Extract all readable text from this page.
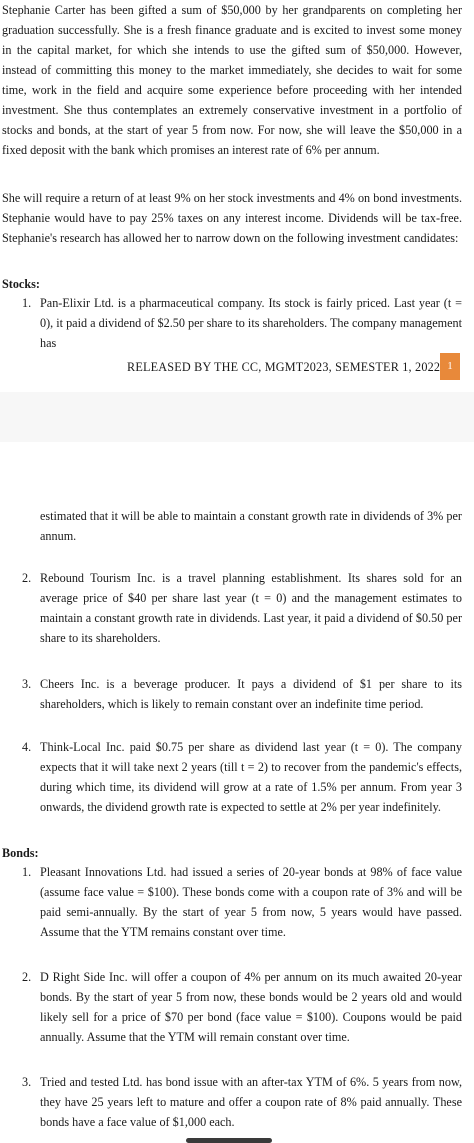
Stephanie Carter has been gifted a sum of $50,000 by her grandparents on completing her graduation successfully. She is a fresh finance graduate and is excited to invest some money in the capital market, for which she intends to use the gifted sum of $50,000. However, instead of committing this money to the market immediately, she decides to wait for some time, work in the field and acquire some experience before proceeding with her intended investment. She thus contemplates an extremely conservative investment in a portfolio of stocks and bonds, at the start of year 5 from now. For now, she will leave the $50,000 in a fixed deposit with the bank which promises an interest rate of 6% per annum.

She will require a return of at least 9% on her stock investments and 4% on bond investments. Stephanie would have to pay 25% taxes on any interest income. Dividends will be tax-free. Stephanie's research has allowed her to narrow down on the following investment candidates:

Stocks:
1. Pan-Elixir Ltd. is a pharmaceutical company. Its stock is fairly priced. Last year (t = 0), it paid a dividend of $2.50 per share to its shareholders. The company management has
RELEASED BY THE CC, MGMT2023, SEMESTER 1, 2022 1
estimated that it will be able to maintain a constant growth rate in dividends of 3% per annum.
2. Rebound Tourism Inc. is a travel planning establishment. Its shares sold for an average price of $40 per share last year (t = 0) and the management estimates to maintain a constant growth rate in dividends. Last year, it paid a dividend of $0.50 per share to its shareholders.
3. Cheers Inc. is a beverage producer. It pays a dividend of $1 per share to its shareholders, which is likely to remain constant over an indefinite time period.
4. Think-Local Inc. paid $0.75 per share as dividend last year (t = 0). The company expects that it will take next 2 years (till t = 2) to recover from the pandemic's effects, during which time, its dividend will grow at a rate of 1.5% per annum. From year 3 onwards, the dividend growth rate is expected to settle at 2% per year indefinitely.
Bonds:
1. Pleasant Innovations Ltd. had issued a series of 20-year bonds at 98% of face value (assume face value = $100). These bonds come with a coupon rate of 3% and will be paid semi-annually. By the start of year 5 from now, 5 years would have passed. Assume that the YTM remains constant over time.
2. D Right Side Inc. will offer a coupon of 4% per annum on its much awaited 20-year bonds. By the start of year 5 from now, these bonds would be 2 years old and would likely sell for a price of $70 per bond (face value = $100). Coupons would be paid annually. Assume that the YTM will remain constant over time.
3. Tried and tested Ltd. has bond issue with an after-tax YTM of 6%. 5 years from now, they have 25 years left to mature and offer a coupon rate of 8% paid annually. These bonds have a face value of $1,000 each.
